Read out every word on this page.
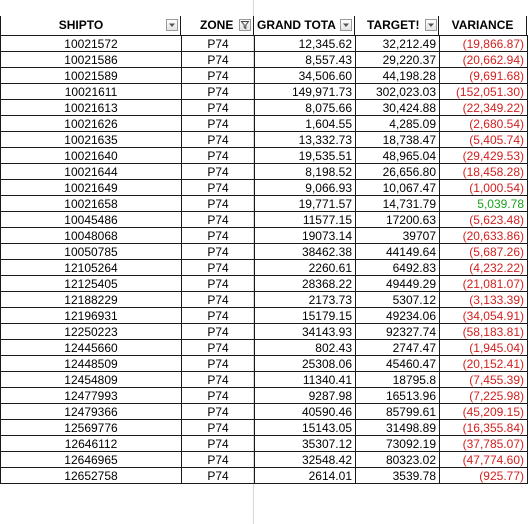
SHIPTO	ZONE	GRAND TOTA	TARGET!	VARIANCE
10021572	P74	12,345.62	32,212.49	(19,866.87)
10021586	P74	8,557.43	29,220.37	(20,662.94)
10021589	P74	34,506.60	44,198.28	(9,691.68)
10021611	P74	149,971.73	302,023.03	(152,051.30)
10021613	P74	8,075.66	30,424.88	(22,349.22)
10021626	P74	1,604.55	4,285.09	(2,680.54)
10021635	P74	13,332.73	18,738.47	(5,405.74)
10021640	P74	19,535.51	48,965.04	(29,429.53)
10021644	P74	8,198.52	26,656.80	(18,458.28)
10021649	P74	9,066.93	10,067.47	(1,000.54)
10021658	P74	19,771.57	14,731.79	5,039.78
10045486	P74	11577.15	17200.63	(5,623.48)
10048068	P74	19073.14	39707	(20,633.86)
10050785	P74	38462.38	44149.64	(5,687.26)
12105264	P74	2260.61	6492.83	(4,232.22)
12125405	P74	28368.22	49449.29	(21,081.07)
12188229	P74	2173.73	5307.12	(3,133.39)
12196931	P74	15179.15	49234.06	(34,054.91)
12250223	P74	34143.93	92327.74	(58,183.81)
12445660	P74	802.43	2747.47	(1,945.04)
12448509	P74	25308.06	45460.47	(20,152.41)
12454809	P74	11340.41	18795.8	(7,455.39)
12477993	P74	9287.98	16513.96	(7,225.98)
12479366	P74	40590.46	85799.61	(45,209.15)
12569776	P74	15143.05	31498.89	(16,355.84)
12646112	P74	35307.12	73092.19	(37,785.07)
12646965	P74	32548.42	80323.02	(47,774.60)
12652758	P74	2614.01	3539.78	(925.77)
